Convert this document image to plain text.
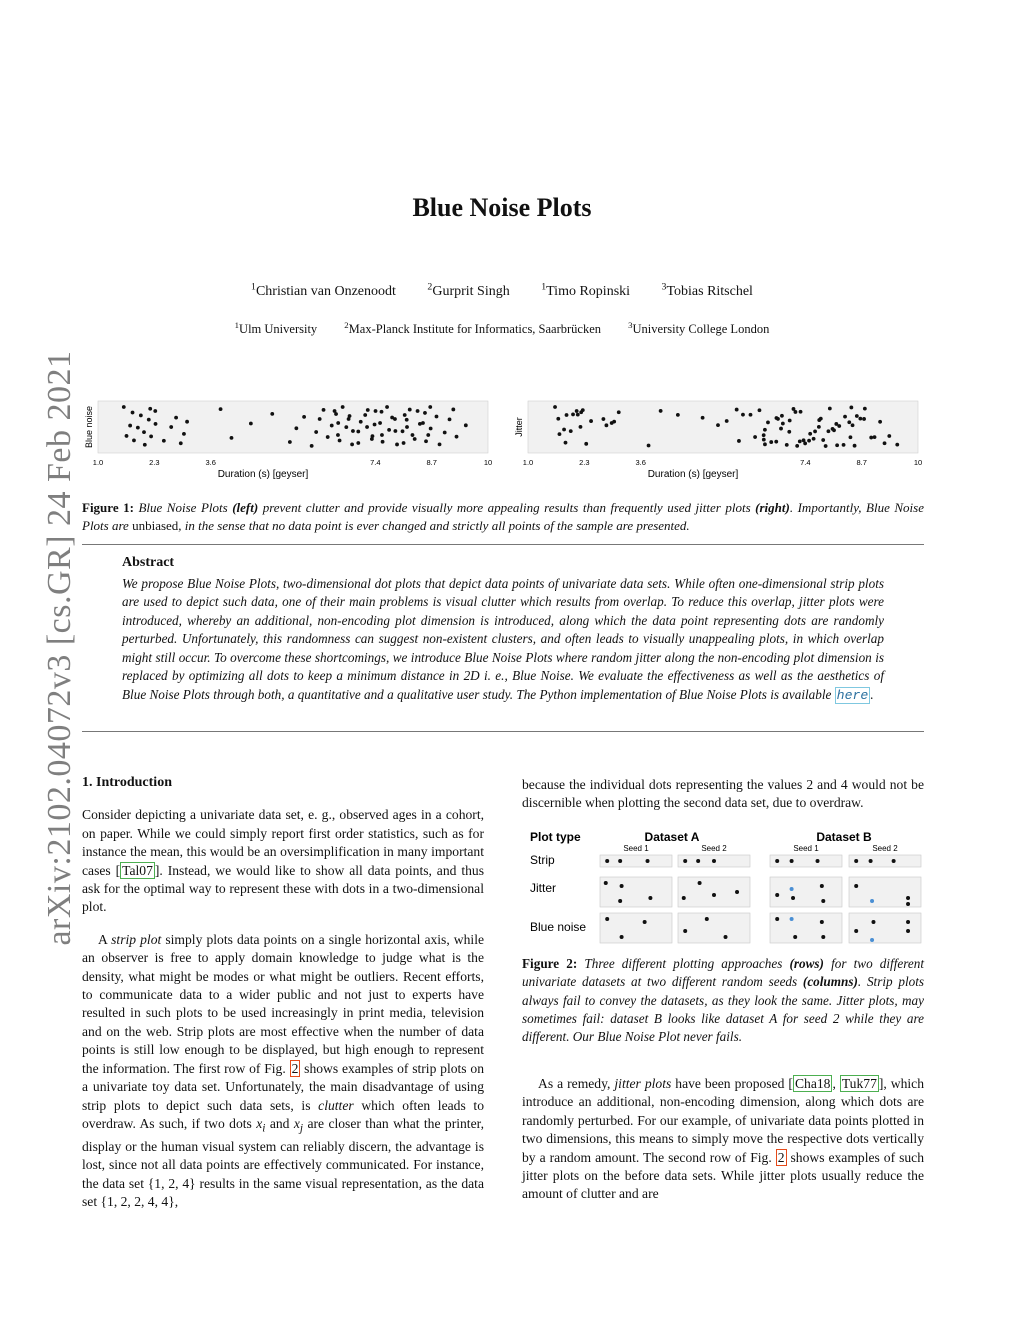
arXiv:2102.04072v3 [cs.GR] 24 Feb 2021
Blue Noise Plots
$^1$Christian van Onzenoodt	$^2$Gurprit Singh	$^1$Timo Ropinski	$^3$Tobias Ritschel
$^1$Ulm University	$^2$Max-Planck Institute for Informatics, Saarbrücken	$^3$University College London
Blue noise
1.0	2.3	3.6	7.4	8.7	10
Duration (s) [geyser]
Jitter
1.0	2.3	3.6	7.4	8.7	10
Duration (s) [geyser]
Figure 1: Blue Noise Plots (left) prevent clutter and provide visually more appealing results than frequently used jitter plots (right). Importantly, Blue Noise Plots are unbiased, in the sense that no data point is ever changed and strictly all points of the sample are presented.
Abstract
We propose Blue Noise Plots, two-dimensional dot plots that depict data points of univariate data sets. While often one-dimensional strip plots are used to depict such data, one of their main problems is visual clutter which results from overlap. To reduce this overlap, jitter plots were introduced, whereby an additional, non-encoding plot dimension is introduced, along which the data point representing dots are randomly perturbed. Unfortunately, this randomness can suggest non-existent clusters, and often leads to visually unappealing plots, in which overlap might still occur. To overcome these shortcomings, we introduce Blue Noise Plots where random jitter along the non-encoding plot dimension is replaced by optimizing all dots to keep a minimum distance in 2D i. e., Blue Noise. We evaluate the effectiveness as well as the aesthetics of Blue Noise Plots through both, a quantitative and a qualitative user study. The Python implementation of Blue Noise Plots is available here .
1. Introduction

Consider depicting a univariate data set, e. g., observed ages in a cohort, on paper. While we could simply report first order statistics, such as for instance the mean, this would be an oversimplification in many important cases [ Tal07 ]. Instead, we would like to show all data points, and thus ask for the optimal way to represent these with dots in a two-dimensional plot.

A strip plot simply plots data points on a single horizontal axis, while an observer is free to apply domain knowledge to judge what is the density, what might be modes or what might be outliers. Recent efforts, to communicate data to a wider public and not just to experts have resulted in such plots to be used increasingly in print media, television and on the web. Strip plots are most effective when the number of data points is still low enough to be displayed, but high enough to represent the information. The first row of Fig. 2 shows examples of strip plots on a univariate toy data set. Unfortunately, the main disadvantage of using strip plots to depict such data sets, is clutter which often leads to overdraw. As such, if two dots $x_i$ and $x_j$ are closer than what the printer, display or the human visual system can reliably discern, the advantage is lost, since not all data points are effectively communicated. For instance, the data set {1, 2, 4} results in the same visual representation, as the data set {1, 2, 2, 4, 4},

because the individual dots representing the values 2 and 4 would not be discernible when plotting the second data set, due to overdraw.

Plot type	Dataset A	Dataset B
Seed 1	Seed 2	Seed 1	Seed 2
Strip
Jitter
Blue noise
Figure 2: Three different plotting approaches (rows) for two different univariate datasets at two different random seeds (columns). Strip plots always fail to convey the datasets, as they look the same. Jitter plots, may sometimes fail: dataset B looks like dataset A for seed 2 while they are different. Our Blue Noise Plot never fails.

As a remedy, jitter plots have been proposed [ Cha18 , Tuk77 ], which introduce an additional, non-encoding dimension, along which dots are randomly perturbed. For our example, of univariate data points plotted in two dimensions, this means to simply move the respective dots vertically by a random amount. The second row of Fig. 2 shows examples of such jitter plots on the before data sets. While jitter plots usually reduce the amount of clutter and are
